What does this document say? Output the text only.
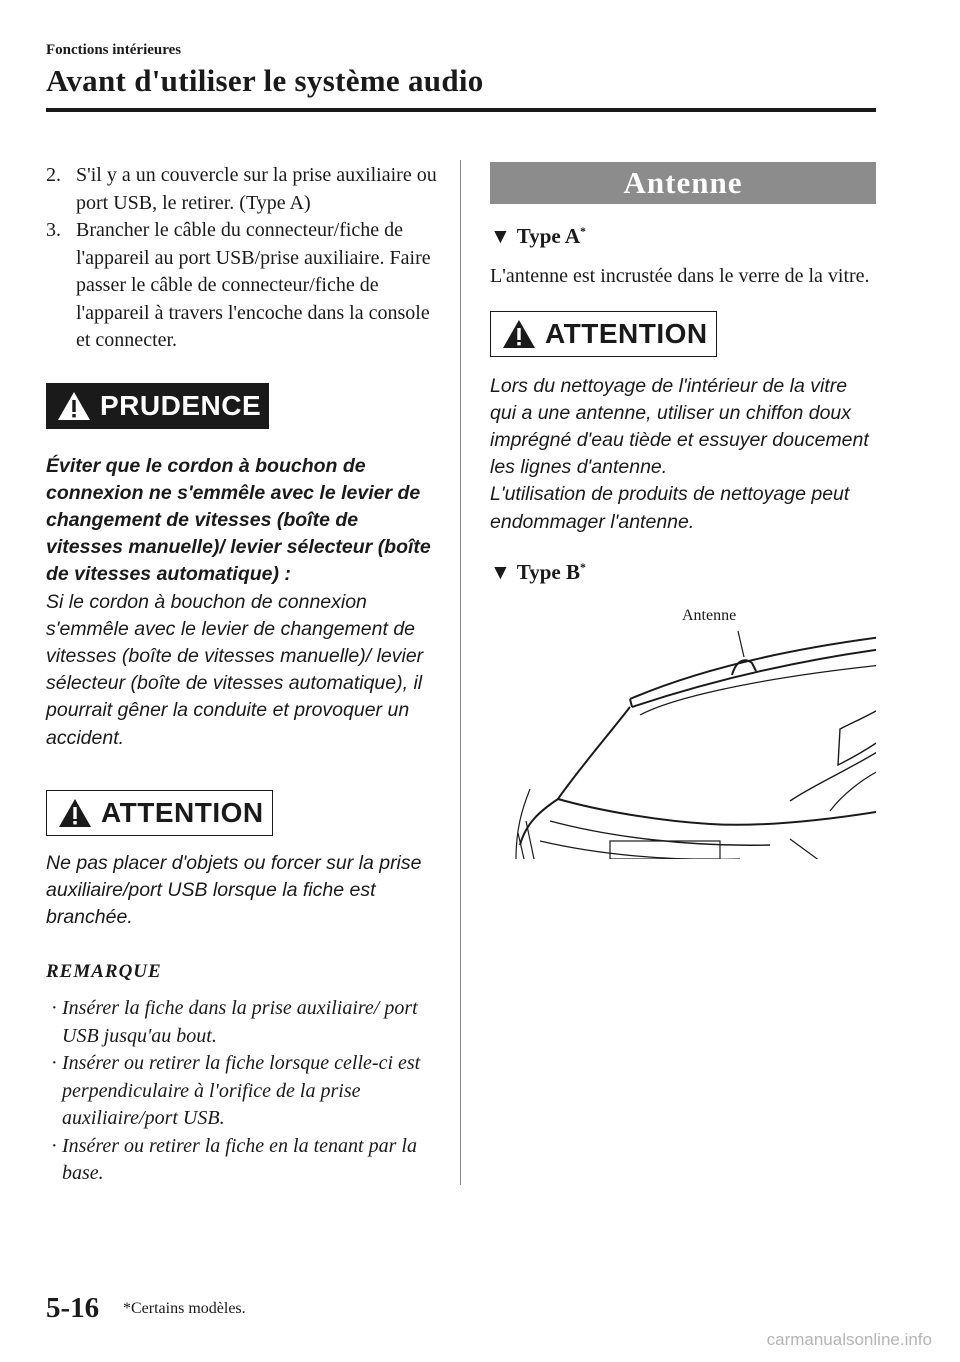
Fonctions intérieures

Avant d'utiliser le système audio

2. S'il y a un couvercle sur la prise auxiliaire ou port USB, le retirer. (Type A)
3. Brancher le câble du connecteur/fiche de l'appareil au port USB/prise auxiliaire. Faire passer le câble de connecteur/fiche de l'appareil à travers l'encoche dans la console et connecter.
PRUDENCE

Éviter que le cordon à bouchon de connexion ne s'emmêle avec le levier de changement de vitesses (boîte de vitesses manuelle)/ levier sélecteur (boîte de vitesses automatique) :
Si le cordon à bouchon de connexion s'emmêle avec le levier de changement de vitesses (boîte de vitesses manuelle)/ levier sélecteur (boîte de vitesses automatique), il pourrait gêner la conduite et provoquer un accident.

ATTENTION

Ne pas placer d'objets ou forcer sur la prise auxiliaire/port USB lorsque la fiche est branchée.

REMARQUE

· Insérer la fiche dans la prise auxiliaire/ port USB jusqu'au bout.
· Insérer ou retirer la fiche lorsque celle-ci est perpendiculaire à l'orifice de la prise auxiliaire/port USB.
· Insérer ou retirer la fiche en la tenant par la base.
Antenne

▼ Type A*

L'antenne est incrustée dans le verre de la vitre.

ATTENTION

Lors du nettoyage de l'intérieur de la vitre qui a une antenne, utiliser un chiffon doux imprégné d'eau tiède et essuyer doucement les lignes d'antenne.
L'utilisation de produits de nettoyage peut endommager l'antenne.

▼ Type B*

Antenne
5-16 *Certains modèles.
carmanualsonline.info
